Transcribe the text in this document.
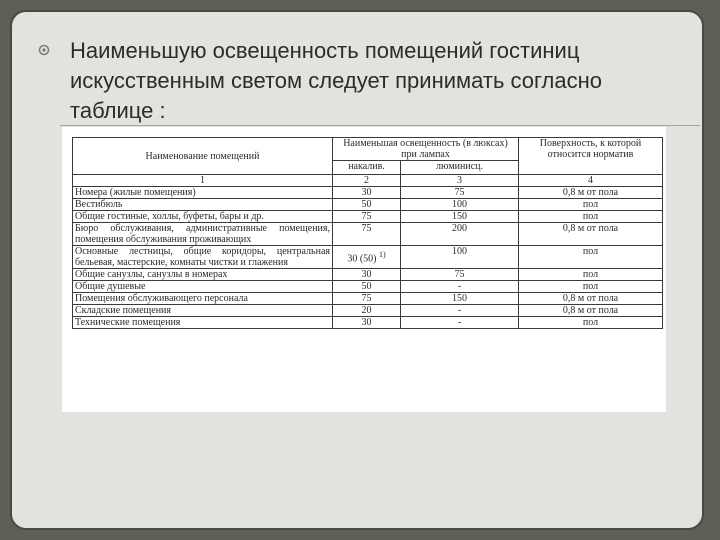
Наименьшую освещенность помещений гостиниц
искусственным светом следует принимать согласно
таблице :
Наименование помещений	Наименьшая освещенность (в люксах) при лампах		Поверхность, к которой относится норматив
	накалив.	люминисц.	
1	2	3	4
Номера (жилые помещения)	30	75	0,8 м от пола
Вестибюль	50	100	пол
Общие гостиные, холлы, буфеты, бары и др.	75	150	пол
Бюро обслуживания, административные помещения, помещения обслуживания проживающих	75	200	0,8 м от пола
Основные лестницы, общие коридоры, центральная бельевая, мастерские, комнаты чистки и глажения	30 (50) $^{1)}$	100	пол
Общие санузлы, санузлы в номерах	30	75	пол
Общие душевые	50	-	пол
Помещения обслуживающего персонала	75	150	0,8 м от пола
Складские помещения	20	-	0,8 м от пола
Технические помещения	30	-	пол
